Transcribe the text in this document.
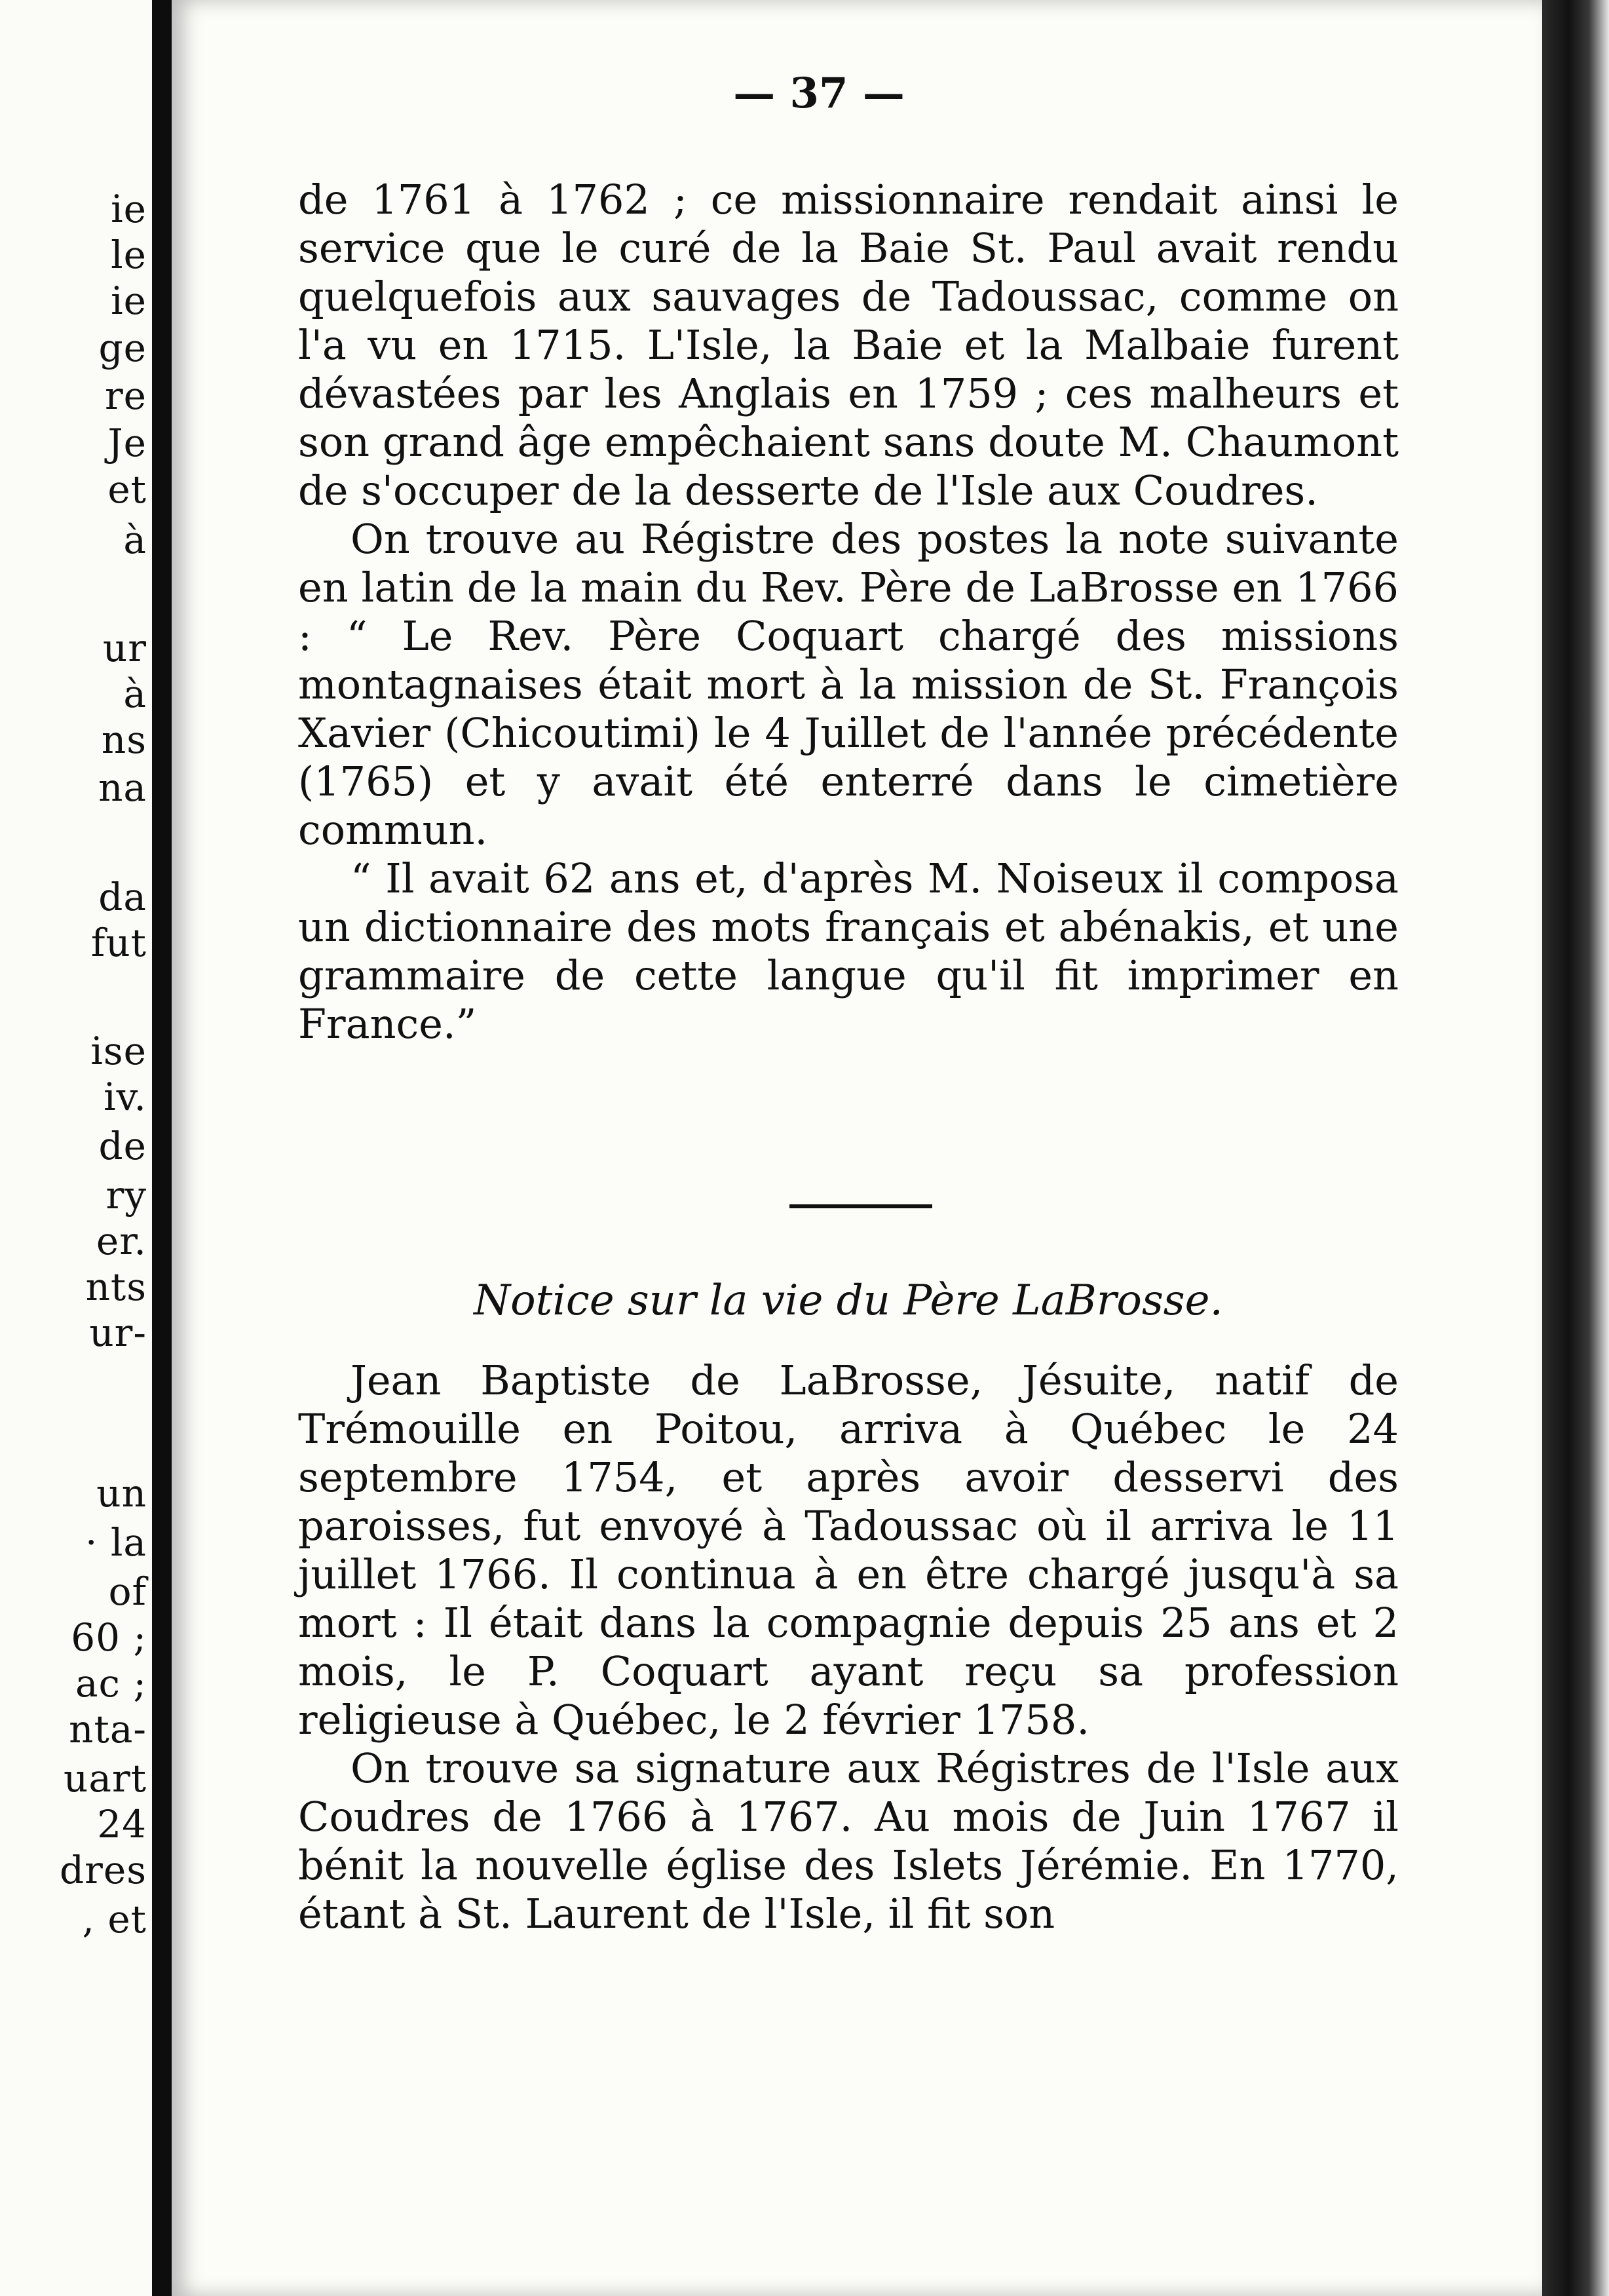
ie
le
ie
ge
re
Je
et
à
ur
à
ns
na
da
fut
ise
iv.
de
ry
er.
nts
ur-
un
· la
of
60 ;
ac ;
nta-
uart
24
dres
, et
— 37 —

de 1761 à 1762 ; ce missionnaire rendait ainsi le service que le curé de la Baie St. Paul avait rendu quelquefois aux sauvages de Tadoussac, comme on l'a vu en 1715. L'Isle, la Baie et la Malbaie furent dévastées par les Anglais en 1759 ; ces malheurs et son grand âge empêchaient sans doute M. Chaumont de s'occuper de la desserte de l'Isle aux Coudres.

On trouve au Régistre des postes la note suivante en latin de la main du Rev. Père de LaBrosse en 1766 : “ Le Rev. Père Coquart chargé des missions montagnaises était mort à la mission de St. François Xavier (Chicoutimi) le 4 Juillet de l'année précédente (1765) et y avait été enterré dans le cimetière commun.

“ Il avait 62 ans et, d'après M. Noiseux il composa un dictionnaire des mots français et abénakis, et une grammaire de cette langue qu'il fit imprimer en France.”

Notice sur la vie du Père LaBrosse.

Jean Baptiste de LaBrosse, Jésuite, natif de Trémouille en Poitou, arriva à Québec le 24 septembre 1754, et après avoir desservi des paroisses, fut envoyé à Tadoussac où il arriva le 11 juillet 1766. Il continua à en être chargé jusqu'à sa mort : Il était dans la compagnie depuis 25 ans et 2 mois, le P. Coquart ayant reçu sa profession religieuse à Québec, le 2 février 1758.

On trouve sa signature aux Régistres de l'Isle aux Coudres de 1766 à 1767. Au mois de Juin 1767 il bénit la nouvelle église des Islets Jérémie. En 1770, étant à St. Laurent de l'Isle, il fit son
